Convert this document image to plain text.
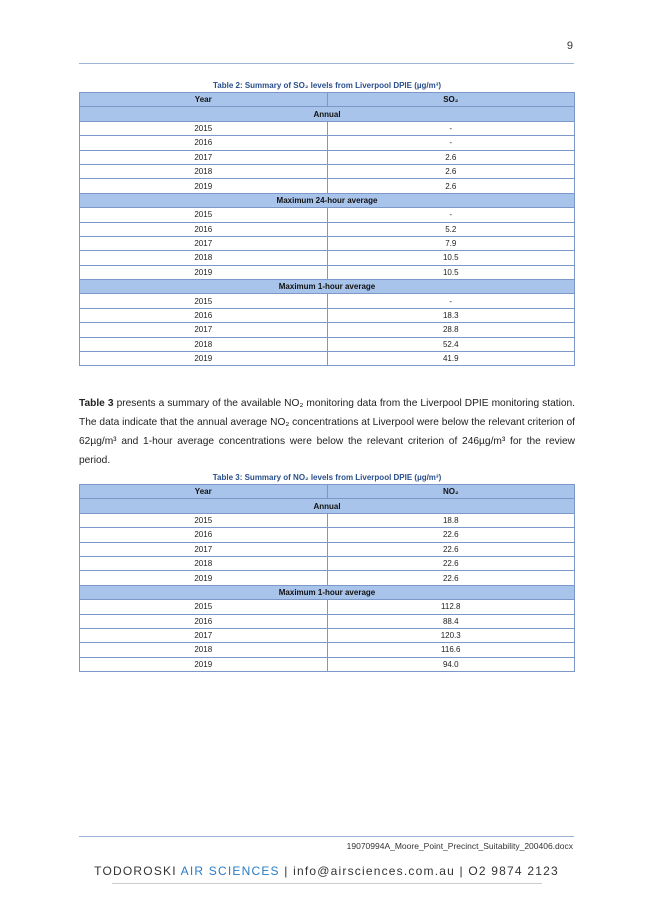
9
Table 2: Summary of SO₂ levels from Liverpool DPIE (µg/m³)
Year	SO₂
Annual	
2015	-
2016	-
2017	2.6
2018	2.6
2019	2.6
Maximum 24-hour average	
2015	-
2016	5.2
2017	7.9
2018	10.5
2019	10.5
Maximum 1-hour average	
2015	-
2016	18.3
2017	28.8
2018	52.4
2019	41.9
Table 3 presents a summary of the available NO₂ monitoring data from the Liverpool DPIE monitoring station. The data indicate that the annual average NO₂ concentrations at Liverpool were below the relevant criterion of 62µg/m³ and 1-hour average concentrations were below the relevant criterion of 246µg/m³ for the review period.
Table 3: Summary of NO₂ levels from Liverpool DPIE (µg/m³)
Year	NO₂
Annual	
2015	18.8
2016	22.6
2017	22.6
2018	22.6
2019	22.6
Maximum 1-hour average	
2015	112.8
2016	88.4
2017	120.3
2018	116.6
2019	94.0
19070994A_Moore_Point_Precinct_Suitability_200406.docx
TODOROSKI AIR SCIENCES | info@airsciences.com.au | O2 9874 2123
